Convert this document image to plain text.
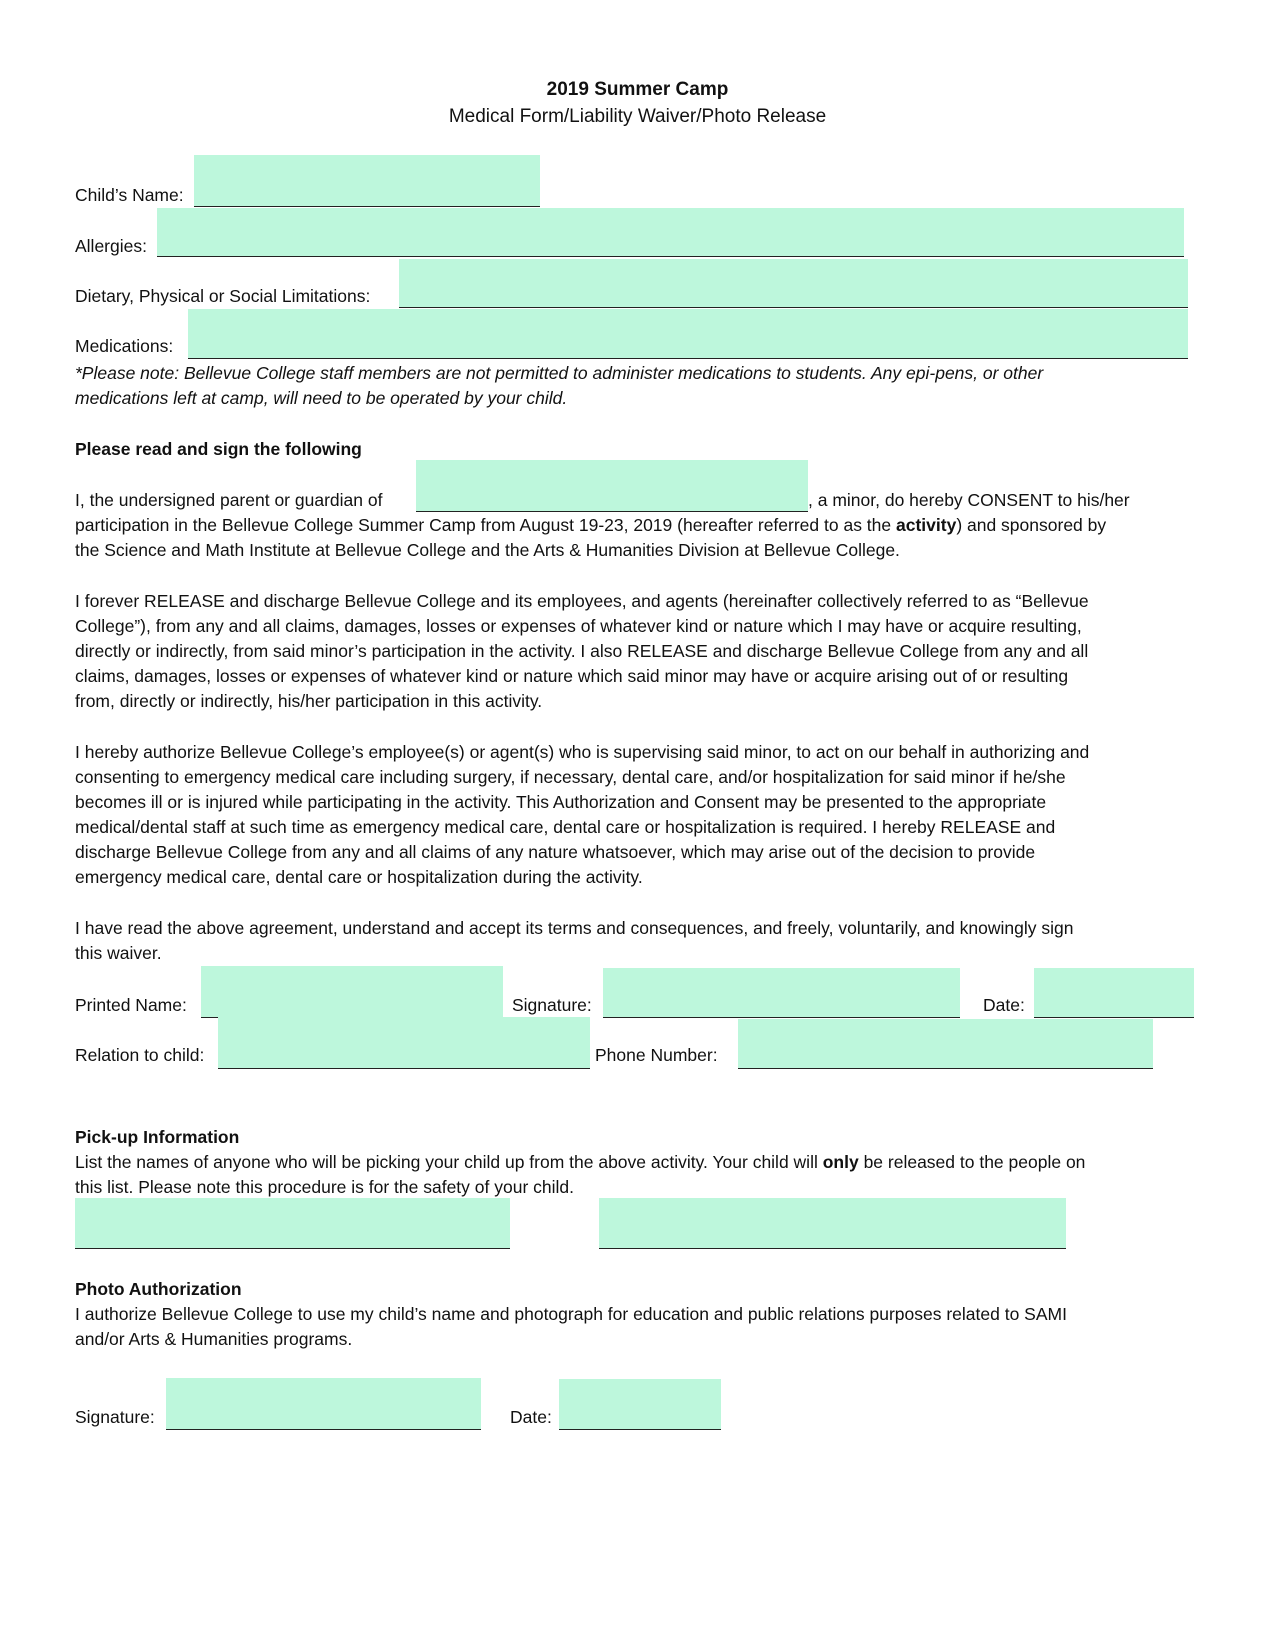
2019 Summer Camp
Medical Form/Liability Waiver/Photo Release
Child’s Name:
Allergies:
Dietary, Physical or Social Limitations:
Medications:
*Please note: Bellevue College staff members are not permitted to administer medications to students. Any epi-pens, or other
medications left at camp, will need to be operated by your child.
Please read and sign the following
I, the undersigned parent or guardian of	, a minor, do hereby CONSENT to his/her
participation in the Bellevue College Summer Camp from August 19-23, 2019 (hereafter referred to as the activity) and sponsored by
the Science and Math Institute at Bellevue College and the Arts & Humanities Division at Bellevue College.
I forever RELEASE and discharge Bellevue College and its employees, and agents (hereinafter collectively referred to as “Bellevue
College”), from any and all claims, damages, losses or expenses of whatever kind or nature which I may have or acquire resulting,
directly or indirectly, from said minor’s participation in the activity. I also RELEASE and discharge Bellevue College from any and all
claims, damages, losses or expenses of whatever kind or nature which said minor may have or acquire arising out of or resulting
from, directly or indirectly, his/her participation in this activity.
I hereby authorize Bellevue College’s employee(s) or agent(s) who is supervising said minor, to act on our behalf in authorizing and
consenting to emergency medical care including surgery, if necessary, dental care, and/or hospitalization for said minor if he/she
becomes ill or is injured while participating in the activity. This Authorization and Consent may be presented to the appropriate
medical/dental staff at such time as emergency medical care, dental care or hospitalization is required. I hereby RELEASE and
discharge Bellevue College from any and all claims of any nature whatsoever, which may arise out of the decision to provide
emergency medical care, dental care or hospitalization during the activity.
I have read the above agreement, understand and accept its terms and consequences, and freely, voluntarily, and knowingly sign
this waiver.
Printed Name:	Signature:	Date:
Relation to child:	Phone Number:
Pick-up Information
List the names of anyone who will be picking your child up from the above activity. Your child will only be released to the people on
this list. Please note this procedure is for the safety of your child.
Photo Authorization
I authorize Bellevue College to use my child’s name and photograph for education and public relations purposes related to SAMI
and/or Arts & Humanities programs.
Signature:	Date:
